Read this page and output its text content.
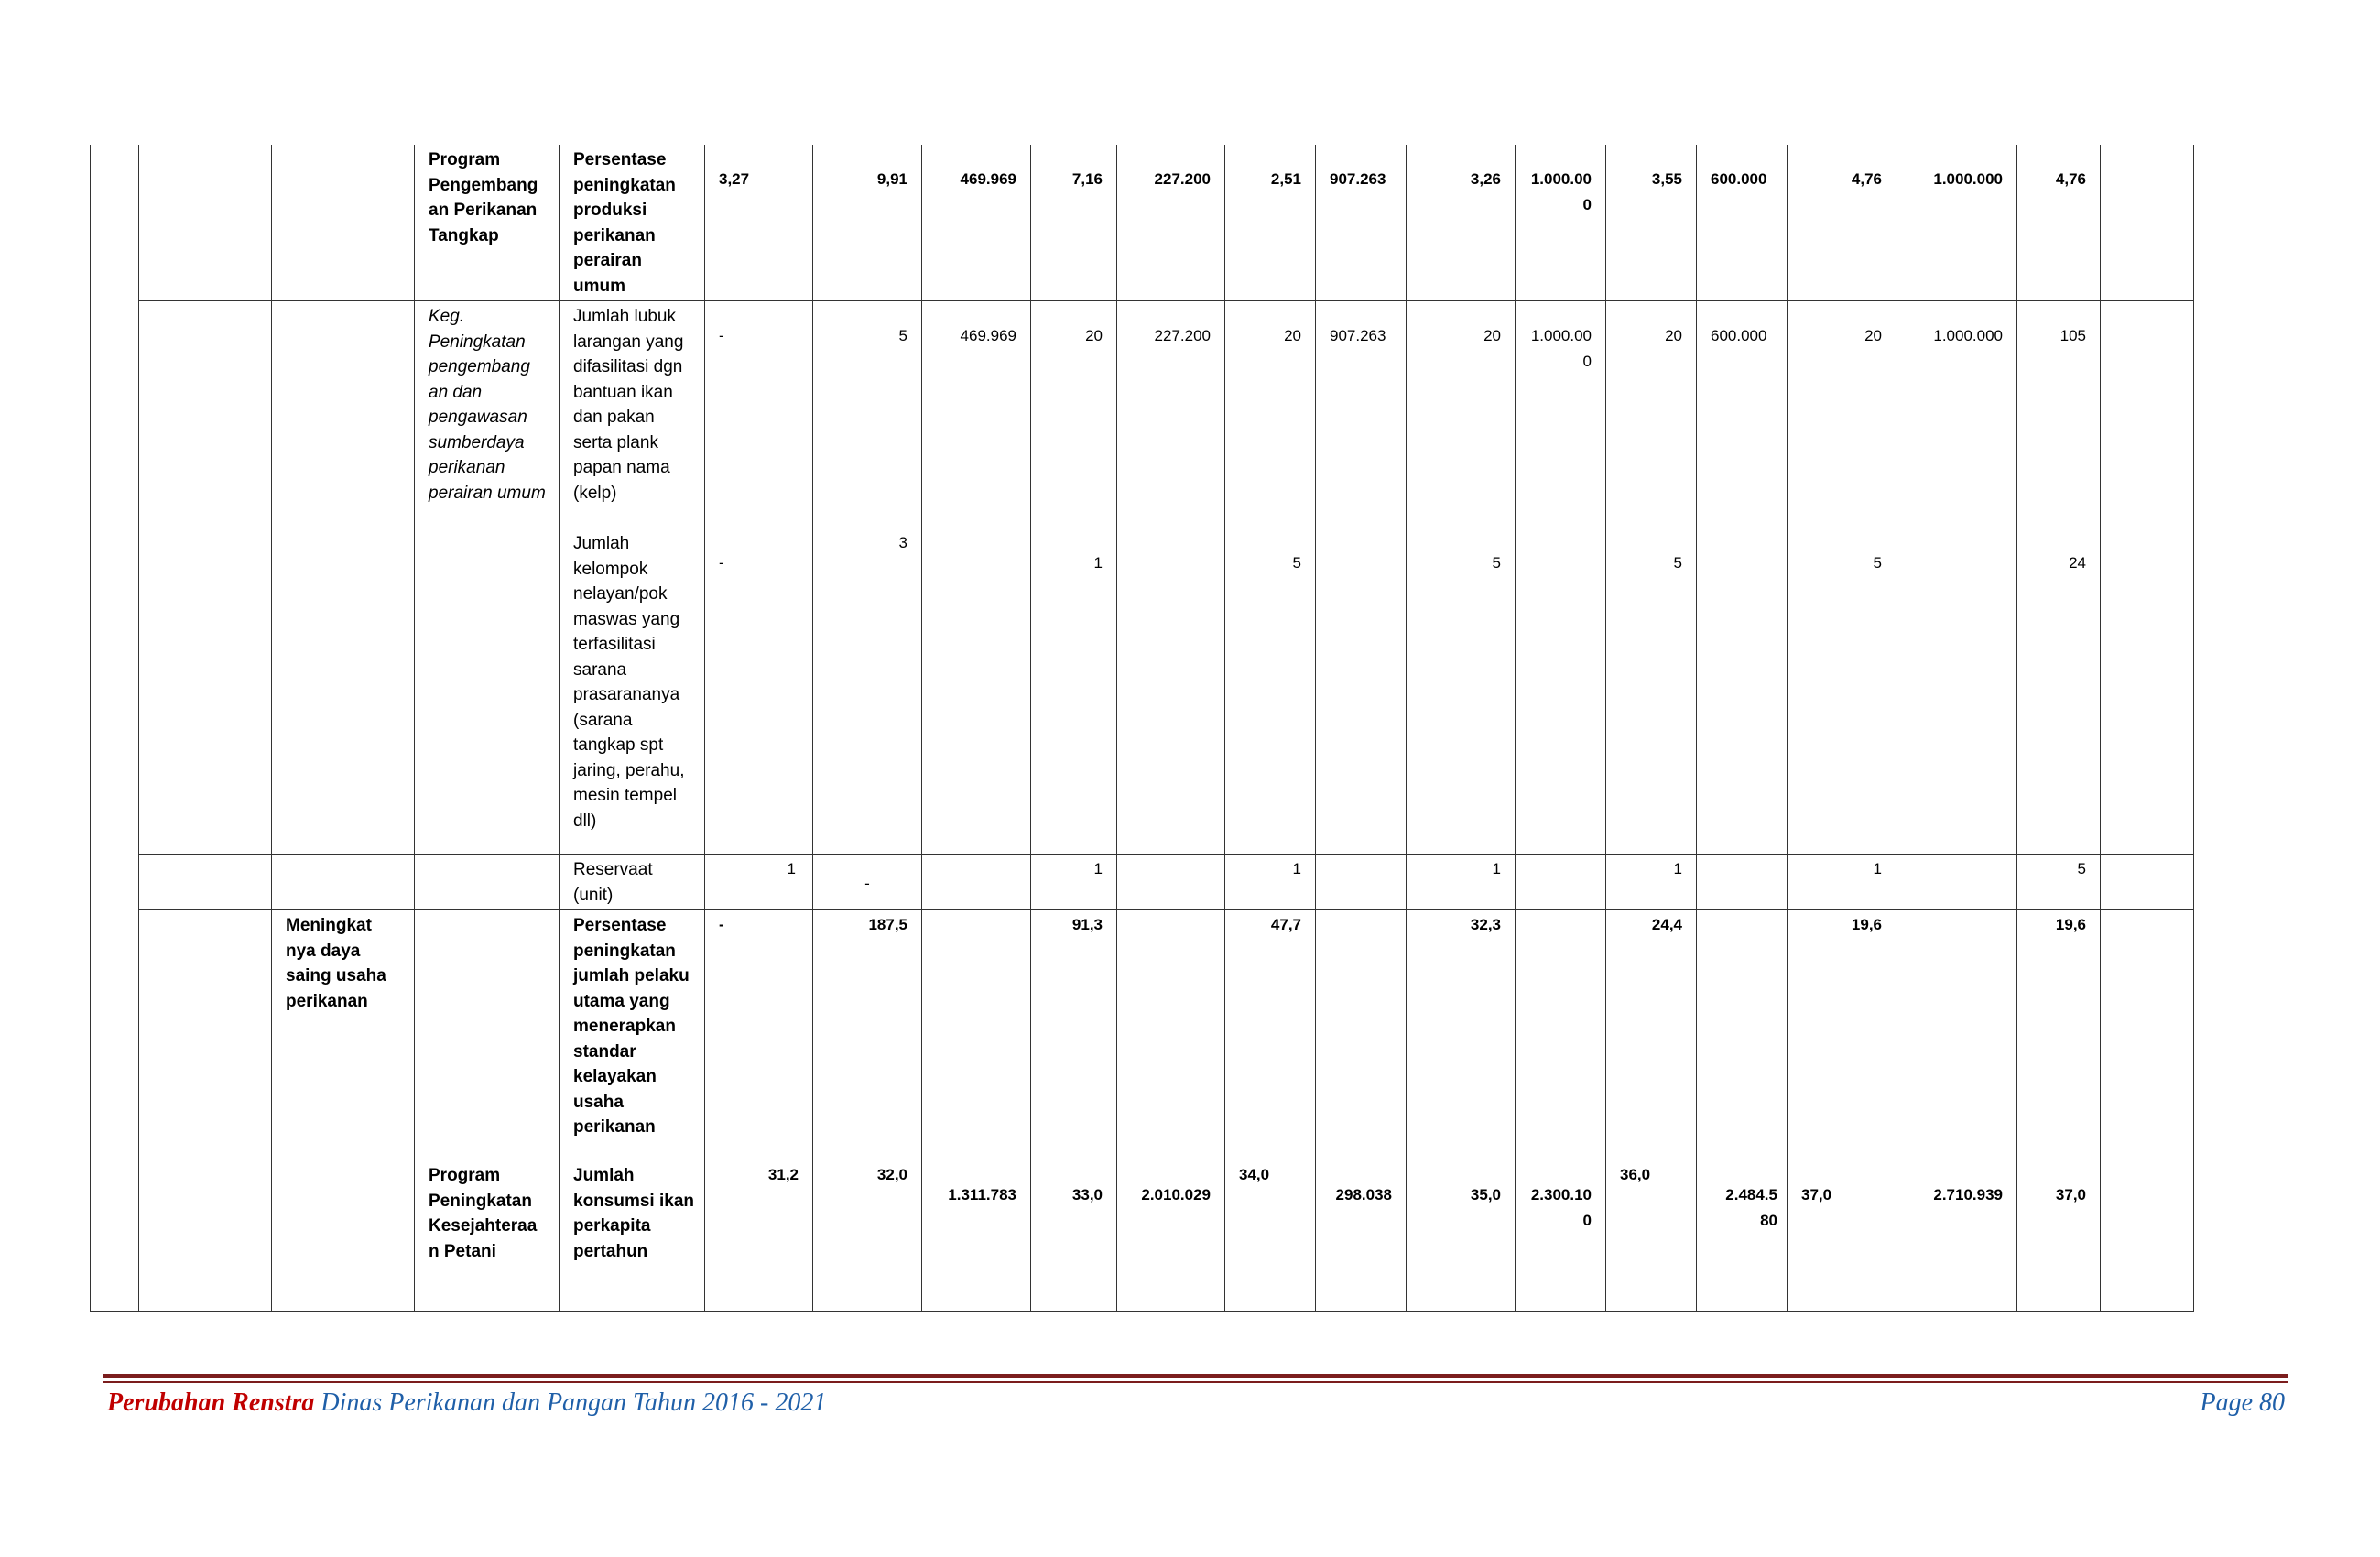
			Program Pengembang an Perikanan Tangkap	Persentase peningkatan produksi perikanan perairan umum	3,27	9,91	469.969	7,16	227.200	2,51	907.263	3,26	1.000.000	3,55	600.000	4,76	1.000.000	4,76	
			Keg. Peningkatan pengembang an dan pengawasan sumberdaya perikanan perairan umum	Jumlah lubuk larangan yang difasilitasi dgn bantuan ikan dan pakan serta plank papan nama (kelp)	-	5	469.969	20	227.200	20	907.263	20	1.000.000	20	600.000	20	1.000.000	105	
				Jumlah kelompok nelayan/pok maswas yang terfasilitasi sarana prasarananya (sarana tangkap spt jaring, perahu, mesin tempel dll)	-	3		1		5		5		5		5		24	
				Reservaat (unit)	1	-		1		1		1		1		1		5	
		Meningkat nya daya saing usaha perikanan		Persentase peningkatan jumlah pelaku utama yang menerapkan standar kelayakan usaha perikanan	-	187,5		91,3		47,7		32,3		24,4		19,6		19,6	
			Program Peningkatan Kesejahteraa n Petani	Jumlah konsumsi ikan perkapita pertahun	31,2	32,0	1.311.783	33,0	2.010.029	34,0	298.038	35,0	2.300.100	36,0	2.484.5 80	37,0	2.710.939	37,0	
Perubahan Renstra Dinas Perikanan dan Pangan Tahun 2016 - 2021	Page 80
